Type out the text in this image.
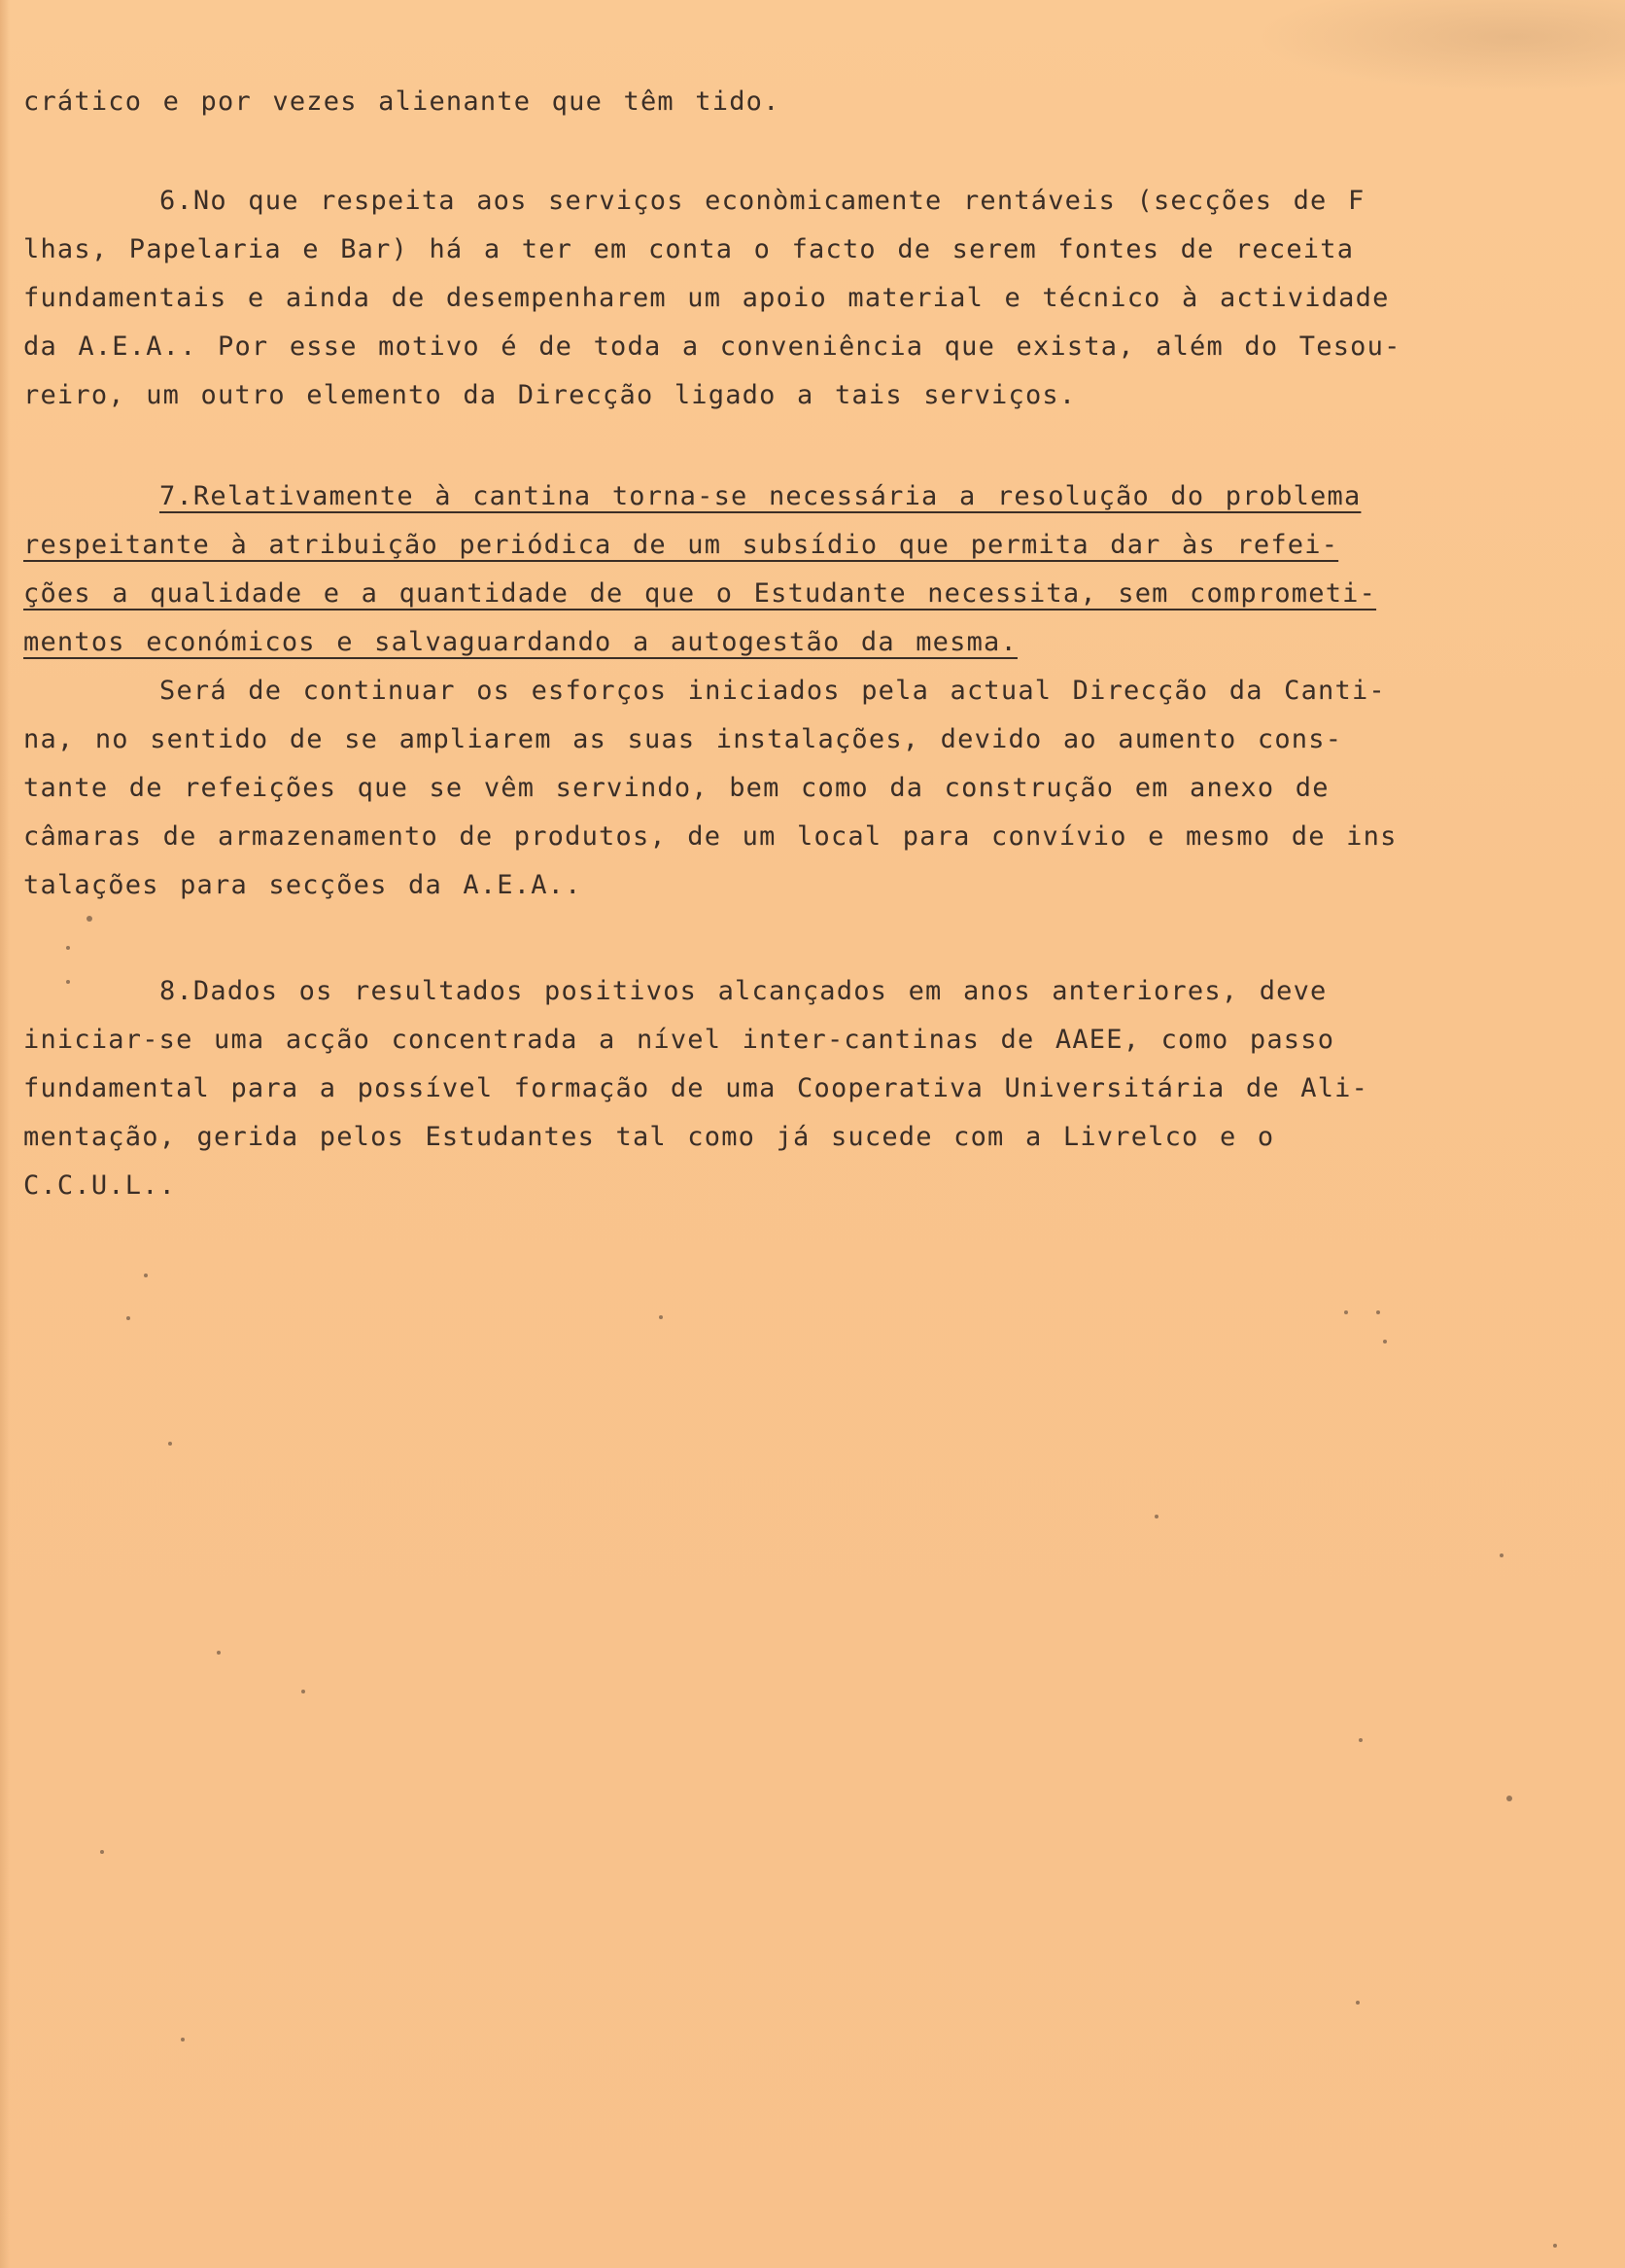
crático e por vezes alienante que têm tido.
6.No que respeita aos serviços econòmicamente rentáveis (secções de F
lhas, Papelaria e Bar) há a ter em conta o facto de serem fontes de receita
fundamentais e ainda de desempenharem um apoio material e técnico à actividade
da A.E.A.. Por esse motivo é de toda a conveniência que exista, além do Tesou-
reiro, um outro elemento da Direcção ligado a tais serviços.
7.Relativamente à cantina torna-se necessária a resolução do problema
respeitante à atribuição periódica de um subsídio que permita dar às refei-
ções a qualidade e a quantidade de que o Estudante necessita, sem comprometi-
mentos económicos e salvaguardando a autogestão da mesma.
Será de continuar os esforços iniciados pela actual Direcção da Canti-
na, no sentido de se ampliarem as suas instalações, devido ao aumento cons-
tante de refeições que se vêm servindo, bem como da construção em anexo de
câmaras de armazenamento de produtos, de um local para convívio e mesmo de ins
talações para secções da A.E.A..
8.Dados os resultados positivos alcançados em anos anteriores, deve
iniciar-se uma acção concentrada a nível inter-cantinas de AAEE, como passo
fundamental para a possível formação de uma Cooperativa Universitária de Ali-
mentação, gerida pelos Estudantes tal como já sucede com a Livrelco e o
C.C.U.L..
